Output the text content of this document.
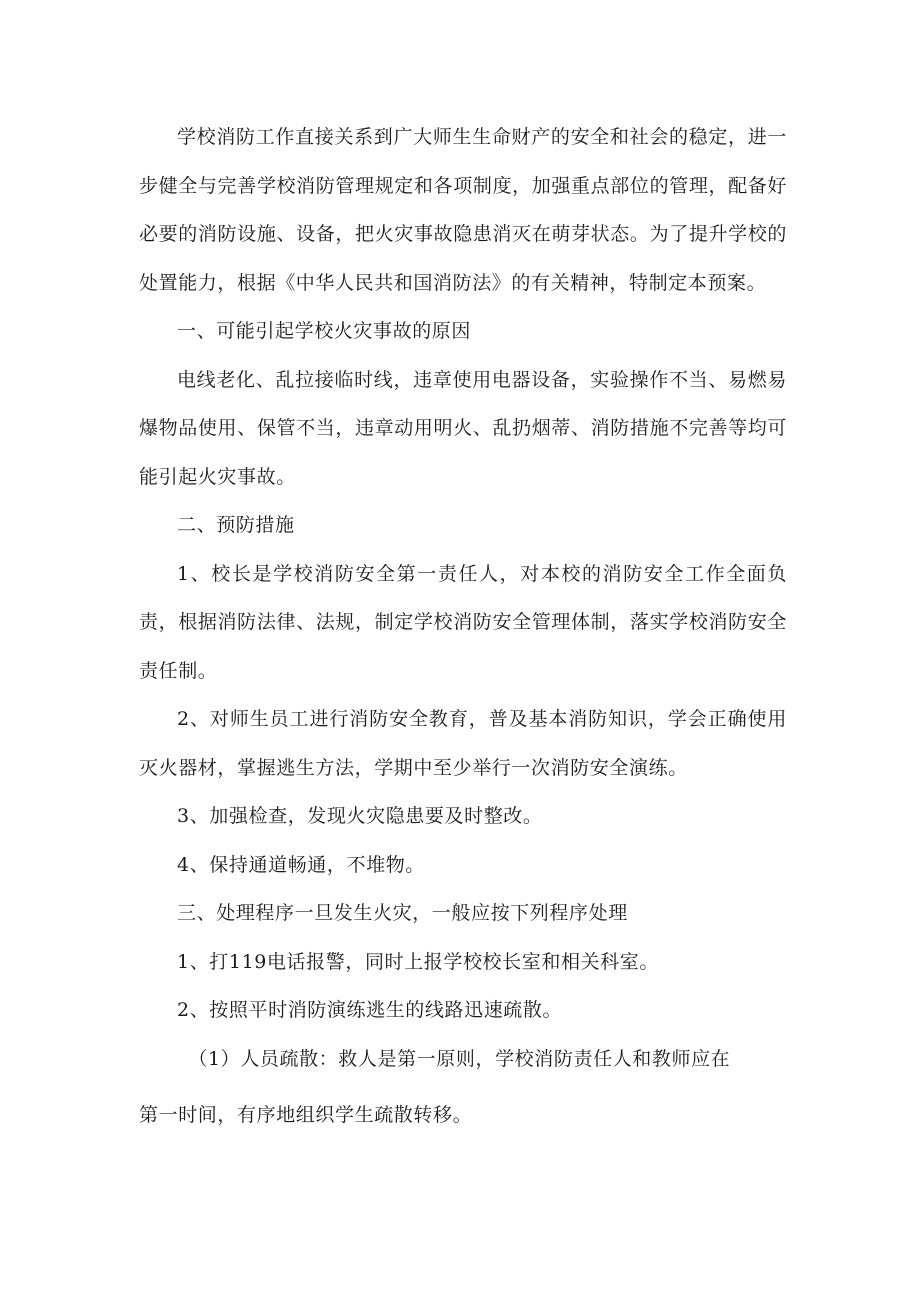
学校消防工作直接关系到广大师生生命财产的安全和社会的稳定，进一步健全与完善学校消防管理规定和各项制度，加强重点部位的管理，配备好必要的消防设施、设备，把火灾事故隐患消灭在萌芽状态。为了提升学校的处置能力，根据《中华人民共和国消防法》的有关精神，特制定本预案。

一、可能引起学校火灾事故的原因

电线老化、乱拉接临时线，违章使用电器设备，实验操作不当、易燃易爆物品使用、保管不当，违章动用明火、乱扔烟蒂、消防措施不完善等均可能引起火灾事故。

二、预防措施

1、校长是学校消防安全第一责任人，对本校的消防安全工作全面负责，根据消防法律、法规，制定学校消防安全管理体制，落实学校消防安全责任制。

2、对师生员工进行消防安全教育，普及基本消防知识，学会正确使用灭火器材，掌握逃生方法，学期中至少举行一次消防安全演练。

3、加强检查，发现火灾隐患要及时整改。

4、保持通道畅通，不堆物。

三、处理程序一旦发生火灾，一般应按下列程序处理

1、打119电话报警，同时上报学校校长室和相关科室。

2、按照平时消防演练逃生的线路迅速疏散。

（1）人员疏散：救人是第一原则，学校消防责任人和教师应在

第一时间，有序地组织学生疏散转移。
